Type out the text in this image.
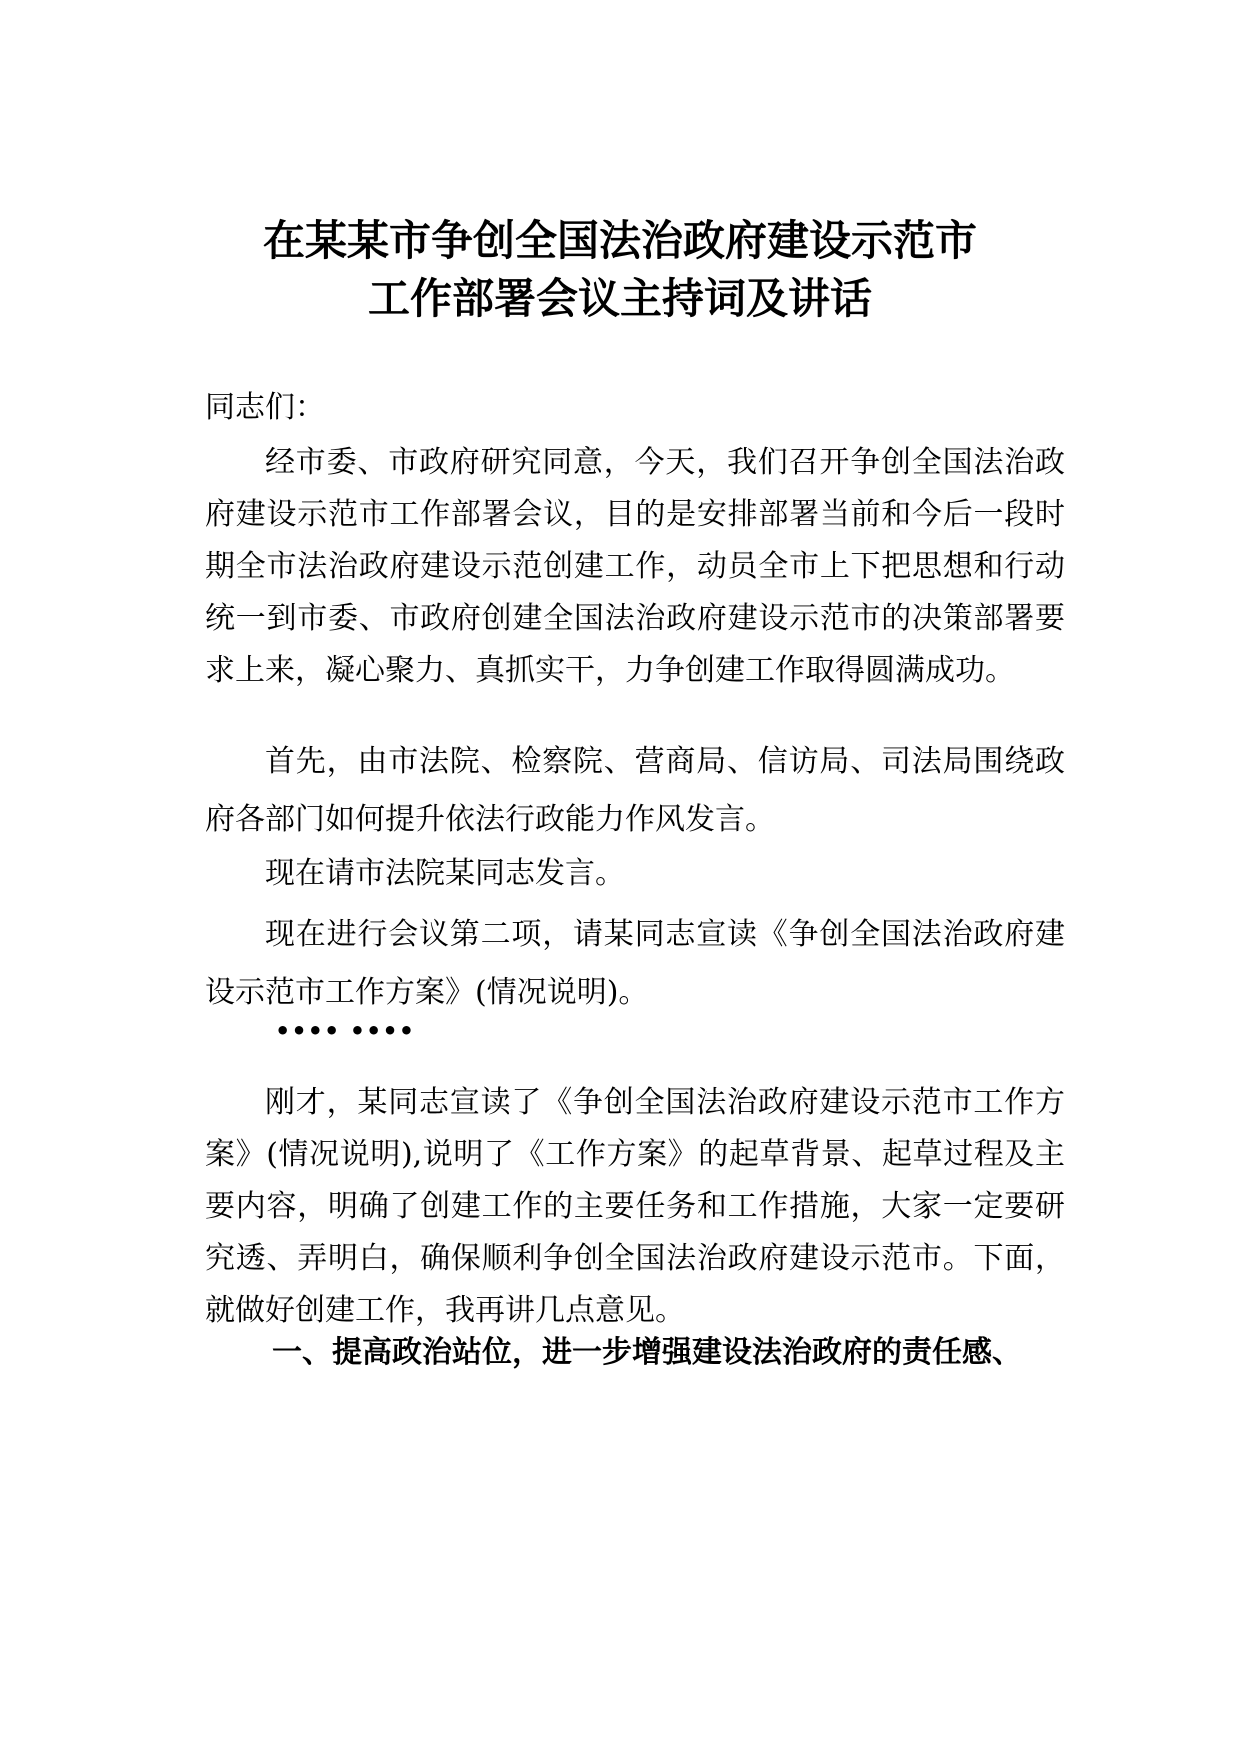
在某某市争创全国法治政府建设示范市
工作部署会议主持词及讲话

同志们：

经市委、市政府研究同意，今天，我们召开争创全国法治政府建设示范市工作部署会议，目的是安排部署当前和今后一段时期全市法治政府建设示范创建工作，动员全市上下把思想和行动统一到市委、市政府创建全国法治政府建设示范市的决策部署要求上来，凝心聚力、真抓实干，力争创建工作取得圆满成功。

首先，由市法院、检察院、营商局、信访局、司法局围绕政府各部门如何提升依法行政能力作风发言。

现在请市法院某同志发言。

现在进行会议第二项，请某同志宣读《争创全国法治政府建设示范市工作方案》(情况说明)。

•••• ••••

刚才，某同志宣读了《争创全国法治政府建设示范市工作方案》(情况说明),说明了《工作方案》的起草背景、起草过程及主要内容，明确了创建工作的主要任务和工作措施，大家一定要研究透、弄明白，确保顺利争创全国法治政府建设示范市。下面，就做好创建工作，我再讲几点意见。

一、提高政治站位，进一步增强建设法治政府的责任感、
